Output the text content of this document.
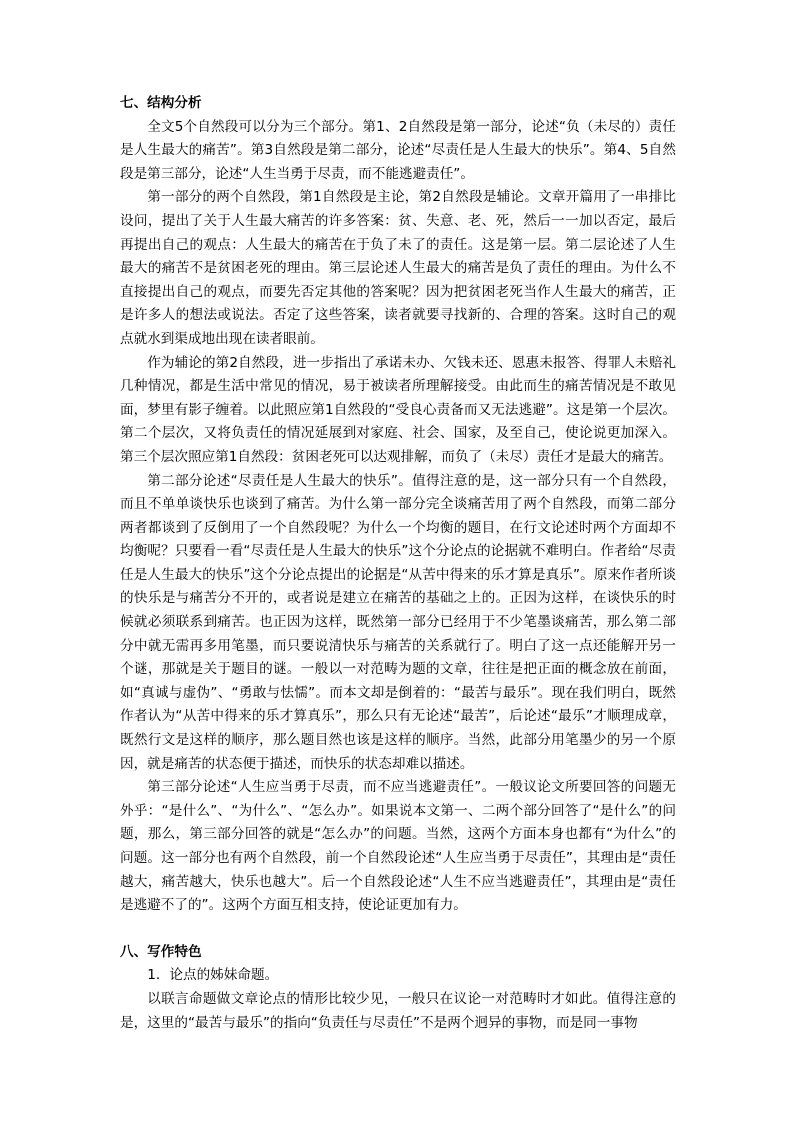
七、结构分析

全文5个自然段可以分为三个部分。第1、2自然段是第一部分，论述“负（未尽的）责任是人生最大的痛苦”。第3自然段是第二部分，论述“尽责任是人生最大的快乐”。第4、5自然段是第三部分，论述“人生当勇于尽责，而不能逃避责任”。

第一部分的两个自然段，第1自然段是主论，第2自然段是辅论。文章开篇用了一串排比设问，提出了关于人生最大痛苦的许多答案：贫、失意、老、死，然后一一加以否定，最后再提出自己的观点：人生最大的痛苦在于负了未了的责任。这是第一层。第二层论述了人生最大的痛苦不是贫困老死的理由。第三层论述人生最大的痛苦是负了责任的理由。为什么不直接提出自己的观点，而要先否定其他的答案呢？因为把贫困老死当作人生最大的痛苦，正是许多人的想法或说法。否定了这些答案，读者就要寻找新的、合理的答案。这时自己的观点就水到渠成地出现在读者眼前。

作为辅论的第2自然段，进一步指出了承诺未办、欠钱未还、恩惠未报答、得罪人未赔礼几种情况，都是生活中常见的情况，易于被读者所理解接受。由此而生的痛苦情况是不敢见面，梦里有影子缠着。以此照应第1自然段的“受良心责备而又无法逃避”。这是第一个层次。第二个层次，又将负责任的情况延展到对家庭、社会、国家，及至自己，使论说更加深入。第三个层次照应第1自然段：贫困老死可以达观排解，而负了（未尽）责任才是最大的痛苦。

第二部分论述“尽责任是人生最大的快乐”。值得注意的是，这一部分只有一个自然段，而且不单单谈快乐也谈到了痛苦。为什么第一部分完全谈痛苦用了两个自然段，而第二部分两者都谈到了反倒用了一个自然段呢？为什么一个均衡的题目，在行文论述时两个方面却不均衡呢？只要看一看“尽责任是人生最大的快乐”这个分论点的论据就不难明白。作者给“尽责任是人生最大的快乐”这个分论点提出的论据是“从苦中得来的乐才算是真乐”。原来作者所谈的快乐是与痛苦分不开的，或者说是建立在痛苦的基础之上的。正因为这样，在谈快乐的时候就必须联系到痛苦。也正因为这样，既然第一部分已经用于不少笔墨谈痛苦，那么第二部分中就无需再多用笔墨，而只要说清快乐与痛苦的关系就行了。明白了这一点还能解开另一个谜，那就是关于题目的谜。一般以一对范畴为题的文章，往往是把正面的概念放在前面，如“真诚与虚伪”、“勇敢与怯懦”。而本文却是倒着的：“最苦与最乐”。现在我们明白，既然作者认为“从苦中得来的乐才算真乐”，那么只有无论述“最苦”，后论述“最乐”才顺理成章，既然行文是这样的顺序，那么题目然也该是这样的顺序。当然，此部分用笔墨少的另一个原因，就是痛苦的状态便于描述，而快乐的状态却难以描述。

第三部分论述“人生应当勇于尽责，而不应当逃避责任”。一般议论文所要回答的问题无外乎：“是什么”、“为什么”、“怎么办”。如果说本文第一、二两个部分回答了“是什么”的问题，那么，第三部分回答的就是“怎么办”的问题。当然，这两个方面本身也都有“为什么”的问题。这一部分也有两个自然段，前一个自然段论述“人生应当勇于尽责任”，其理由是“责任越大，痛苦越大，快乐也越大”。后一个自然段论述“人生不应当逃避责任”，其理由是“责任是逃避不了的”。这两个方面互相支持，使论证更加有力。

八、写作特色

1．论点的姊妹命题。

以联言命题做文章论点的情形比较少见，一般只在议论一对范畴时才如此。值得注意的是，这里的“最苦与最乐”的指向“负责任与尽责任”不是两个迥异的事物，而是同一事物
